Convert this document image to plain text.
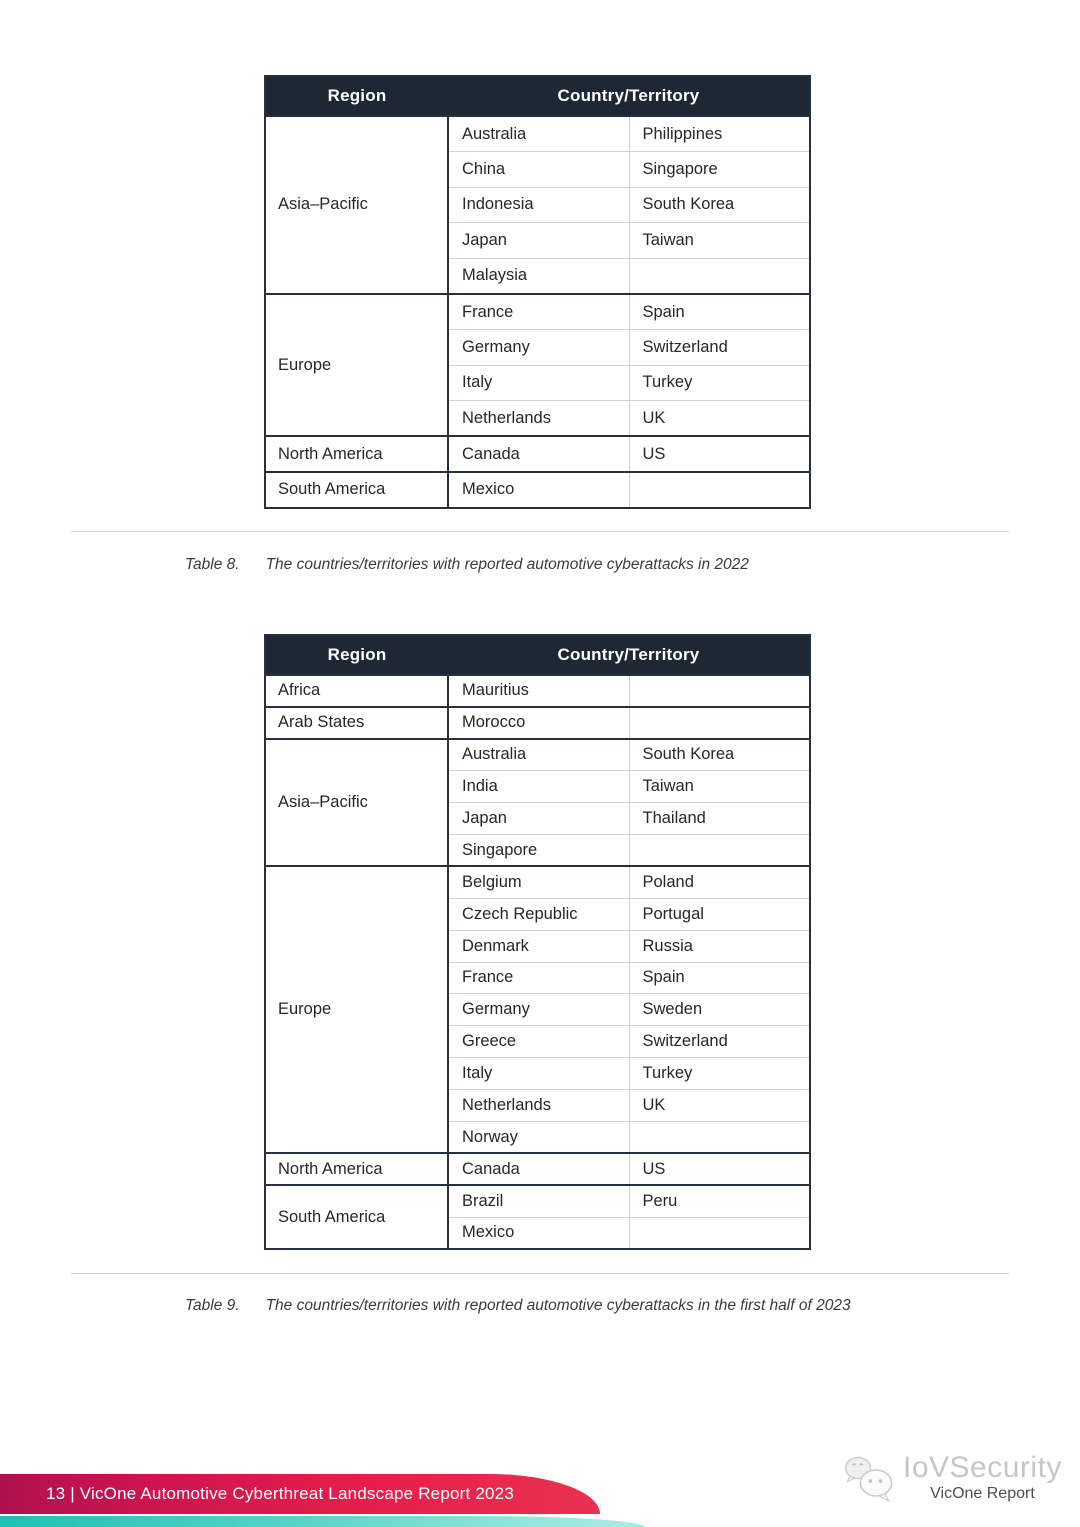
Region	Country/Territory	
Asia–Pacific	Australia	Philippines
	China	Singapore
	Indonesia	South Korea
	Japan	Taiwan
	Malaysia	
Europe	France	Spain
	Germany	Switzerland
	Italy	Turkey
	Netherlands	UK
North America	Canada	US
South America	Mexico	
Table 8. The countries/territories with reported automotive cyberattacks in 2022
Region	Country/Territory	
Africa	Mauritius	
Arab States	Morocco	
Asia–Pacific	Australia	South Korea
	India	Taiwan
	Japan	Thailand
	Singapore	
Europe	Belgium	Poland
	Czech Republic	Portugal
	Denmark	Russia
	France	Spain
	Germany	Sweden
	Greece	Switzerland
	Italy	Turkey
	Netherlands	UK
	Norway	
North America	Canada	US
South America	Brazil	Peru
	Mexico	
Table 9. The countries/territories with reported automotive cyberattacks in the first half of 2023
13 | VicOne Automotive Cyberthreat Landscape Report 2023
IoVSecurity
VicOne Report
